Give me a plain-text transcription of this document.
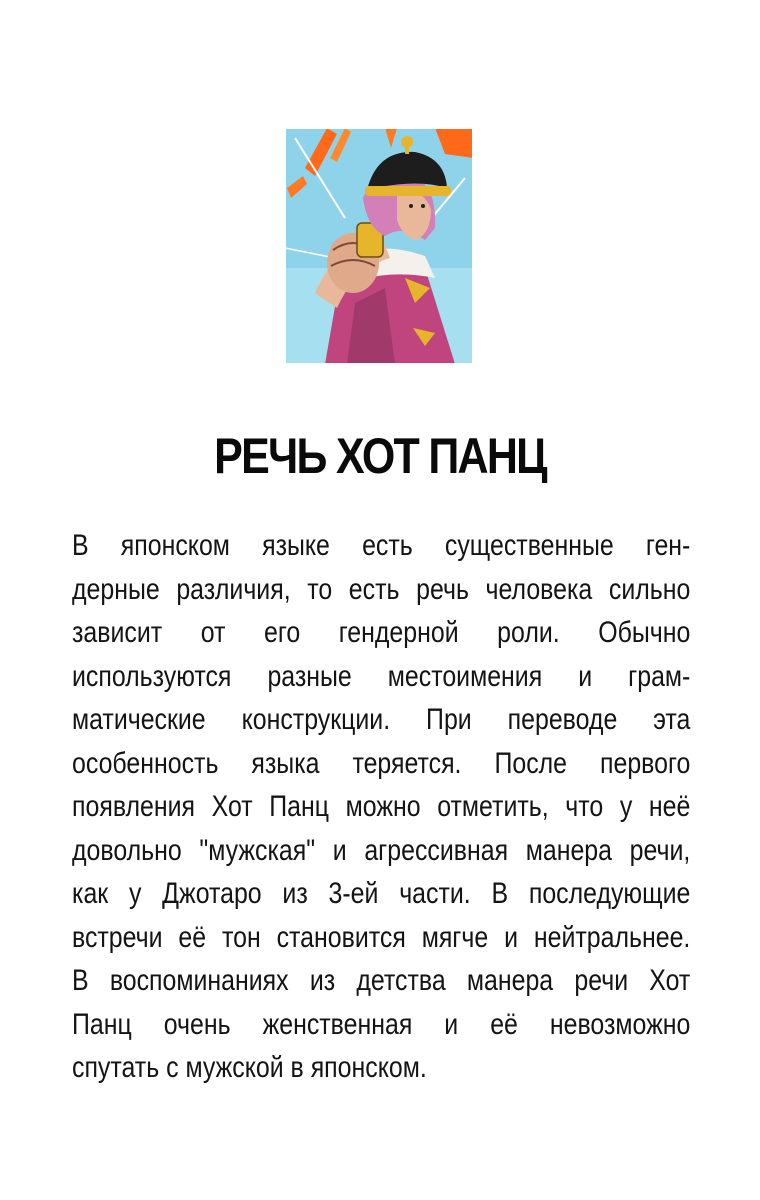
РЕЧЬ ХОТ ПАНЦ

В японском языке есть существенные ген-
дерные различия, то есть речь человека сильно
зависит от его гендерной роли. Обычно
используются разные местоимения и грам-
матические конструкции. При переводе эта
особенность языка теряется. После первого
появления Хот Панц можно отметить, что у неё
довольно "мужская" и агрессивная манера речи,
как у Джотаро из 3-ей части. В последующие
встречи её тон становится мягче и нейтральнее.
В воспоминаниях из детства манера речи Хот
Панц очень женственная и её невозможно
спутать с мужской в японском.
